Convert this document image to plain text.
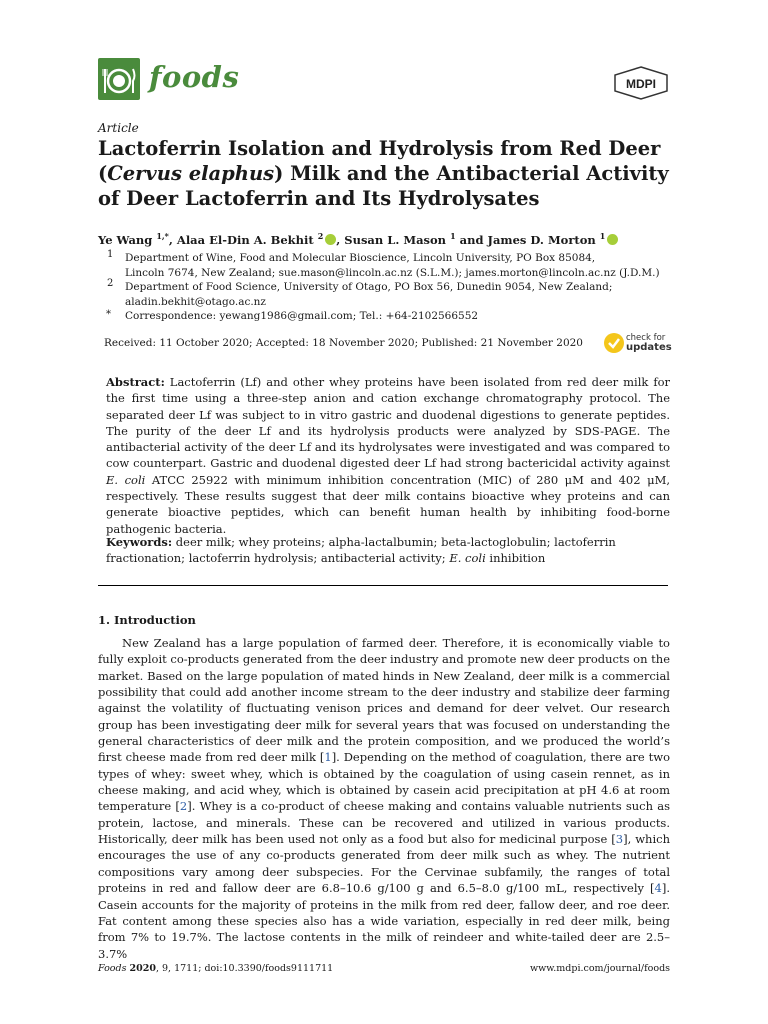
foods	MDPI
Article
Lactoferrin Isolation and Hydrolysis from Red Deer (Cervus elaphus) Milk and the Antibacterial Activity of Deer Lactoferrin and Its Hydrolysates
Ye Wang $^{1,*}$, Alaa El-Din A. Bekhit $^2$ , Susan L. Mason $^1$ and James D. Morton $^1$
1 Department of Wine, Food and Molecular Bioscience, Lincoln University, PO Box 85084,
Lincoln 7674, New Zealand; sue.mason@lincoln.ac.nz (S.L.M.); james.morton@lincoln.ac.nz (J.D.M.)
2 Department of Food Science, University of Otago, PO Box 56, Dunedin 9054, New Zealand;
aladin.bekhit@otago.ac.nz
* Correspondence: yewang1986@gmail.com; Tel.: +64-2102566552
Received: 11 October 2020; Accepted: 18 November 2020; Published: 21 November 2020	check for
updates
Abstract: Lactoferrin (Lf) and other whey proteins have been isolated from red deer milk for the first time using a three-step anion and cation exchange chromatography protocol. The separated deer Lf was subject to in vitro gastric and duodenal digestions to generate peptides. The purity of the deer Lf and its hydrolysis products were analyzed by SDS-PAGE. The antibacterial activity of the deer Lf and its hydrolysates were investigated and was compared to cow counterpart. Gastric and duodenal digested deer Lf had strong bactericidal activity against E. coli ATCC 25922 with minimum inhibition concentration (MIC) of 280 μM and 402 μM, respectively. These results suggest that deer milk contains bioactive whey proteins and can generate bioactive peptides, which can benefit human health by inhibiting food-borne pathogenic bacteria.
Keywords: deer milk; whey proteins; alpha-lactalbumin; beta-lactoglobulin; lactoferrin fractionation; lactoferrin hydrolysis; antibacterial activity; E. coli inhibition
1. Introduction
New Zealand has a large population of farmed deer. Therefore, it is economically viable to fully exploit co-products generated from the deer industry and promote new deer products on the market. Based on the large population of mated hinds in New Zealand, deer milk is a commercial possibility that could add another income stream to the deer industry and stabilize deer farming against the volatility of fluctuating venison prices and demand for deer velvet. Our research group has been investigating deer milk for several years that was focused on understanding the general characteristics of deer milk and the protein composition, and we produced the world’s first cheese made from red deer milk [1]. Depending on the method of coagulation, there are two types of whey: sweet whey, which is obtained by the coagulation of using casein rennet, as in cheese making, and acid whey, which is obtained by casein acid precipitation at pH 4.6 at room temperature [2]. Whey is a co-product of cheese making and contains valuable nutrients such as protein, lactose, and minerals. These can be recovered and utilized in various products. Historically, deer milk has been used not only as a food but also for medicinal purpose [3], which encourages the use of any co-products generated from deer milk such as whey. The nutrient compositions vary among deer subspecies. For the Cervinae subfamily, the ranges of total proteins in red and fallow deer are 6.8–10.6 g/100 g and 6.5–8.0 g/100 mL, respectively [4]. Casein accounts for the majority of proteins in the milk from red deer, fallow deer, and roe deer. Fat content among these species also has a wide variation, especially in red deer milk, being from 7% to 19.7%. The lactose contents in the milk of reindeer and white-tailed deer are 2.5–3.7%
Foods 2020, 9, 1711; doi:10.3390/foods9111711	www.mdpi.com/journal/foods
